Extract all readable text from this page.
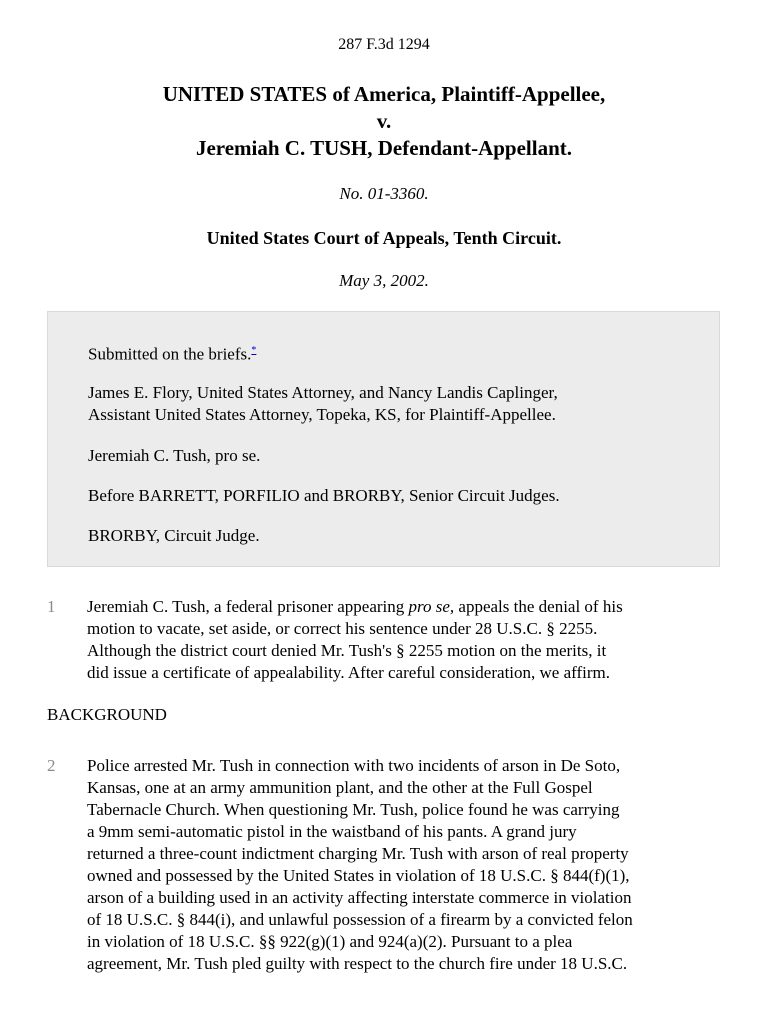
287 F.3d 1294
UNITED STATES of America, Plaintiff-Appellee,
v.
Jeremiah C. TUSH, Defendant-Appellant.
No. 01-3360.
United States Court of Appeals, Tenth Circuit.
May 3, 2002.

Submitted on the briefs.*

James E. Flory, United States Attorney, and Nancy Landis Caplinger,
Assistant United States Attorney, Topeka, KS, for Plaintiff-Appellee.

Jeremiah C. Tush, pro se.

Before BARRETT, PORFILIO and BRORBY, Senior Circuit Judges.

BRORBY, Circuit Judge.

1 Jeremiah C. Tush, a federal prisoner appearing pro se, appeals the denial of his
motion to vacate, set aside, or correct his sentence under 28 U.S.C. § 2255.
Although the district court denied Mr. Tush's § 2255 motion on the merits, it
did issue a certificate of appealability. After careful consideration, we affirm.

BACKGROUND
2 Police arrested Mr. Tush in connection with two incidents of arson in De Soto,
Kansas, one at an army ammunition plant, and the other at the Full Gospel
Tabernacle Church. When questioning Mr. Tush, police found he was carrying
a 9mm semi-automatic pistol in the waistband of his pants. A grand jury
returned a three-count indictment charging Mr. Tush with arson of real property
owned and possessed by the United States in violation of 18 U.S.C. § 844(f)(1),
arson of a building used in an activity affecting interstate commerce in violation
of 18 U.S.C. § 844(i), and unlawful possession of a firearm by a convicted felon
in violation of 18 U.S.C. §§ 922(g)(1) and 924(a)(2). Pursuant to a plea
agreement, Mr. Tush pled guilty with respect to the church fire under 18 U.S.C.
